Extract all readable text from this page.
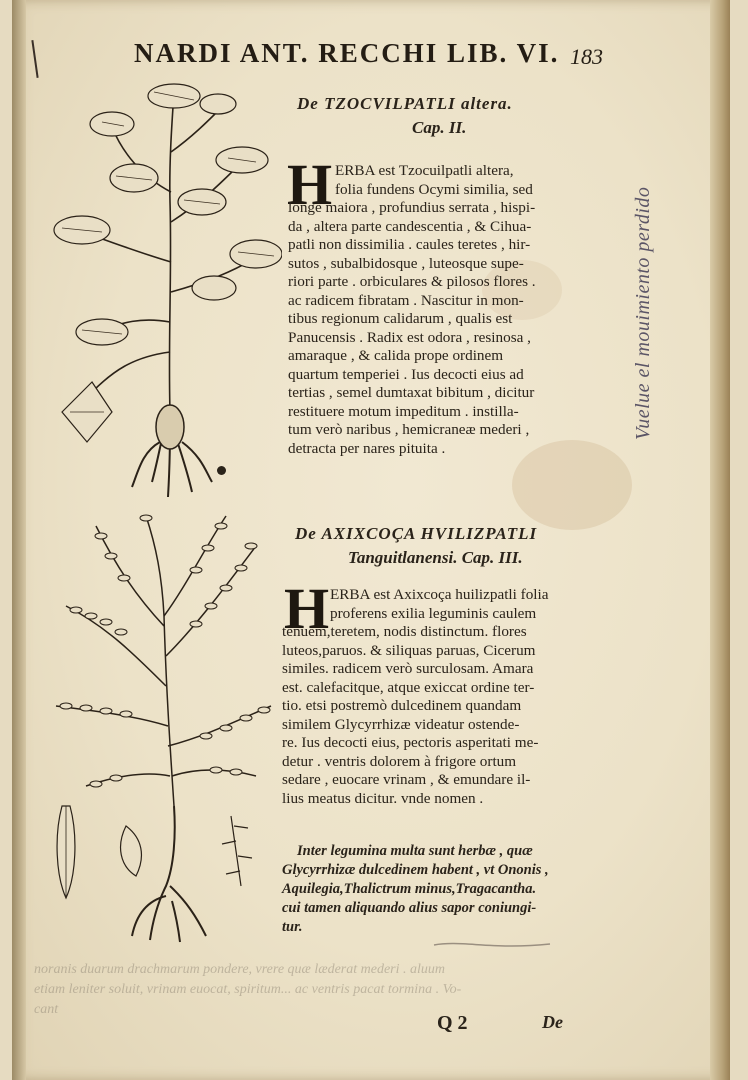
NARDI ANT. RECCHI LIB. VI. 183
De TZOCVILPATLI altera.
Cap. II.
H ERBA est Tzocuilpatli altera,
folia fundens Ocymi similia, sed
longè maiora , profundius serrata , hispi-
da , altera parte candescentia , & Cihua-
patli non dissimilia . caules teretes , hir-
sutos , subalbidosque , luteosque supe-
riori parte . orbiculares & pilosos flores .
ac radicem fibratam . Nascitur in mon-
tibus regionum calidarum , qualis est
Panucensis . Radix est odora , resinosa ,
amaraque , & calida prope ordinem
quartum temperiei . Ius decocti eius ad
tertias , semel dumtaxat bibitum , dicitur
restituere motum impeditum . instilla-
tum verò naribus , hemicraneæ mederi ,
detracta per nares pituita .
De AXIXCOÇA HVILIZPATLI
Tanguitlanensi. Cap. III.
H ERBA est Axixcoça huilizpatli folia
proferens exilia leguminis caulem
tenuem,teretem, nodis distinctum. flores
luteos,paruos. & siliquas paruas, Cicerum
similes. radicem verò surculosam. Amara
est. calefacitque, atque exiccat ordine ter-
tio. etsi postremò dulcedinem quandam
similem Glycyrrhizæ videatur ostende-
re. Ius decocti eius, pectoris asperitati me-
detur . ventris dolorem à frigore ortum
sedare , euocare vrinam , & emundare il-
lius meatus dicitur. vnde nomen .
Inter legumina multa sunt herbæ , quæ
Glycyrrhizæ dulcedinem habent , vt Ononis ,
Aquilegia,Thalictrum minus,Tragacantha.
cui tamen aliquando alius sapor coniungi-
tur.
noranis duarum drachmarum pondere, vrere quæ læderat mederi . aluum
etiam leniter soluit, vrinam euocat, spiritum... ac ventris pacat tormina . Vo-
cant
Q 2	De
Vuelue el mouimiento perdido
